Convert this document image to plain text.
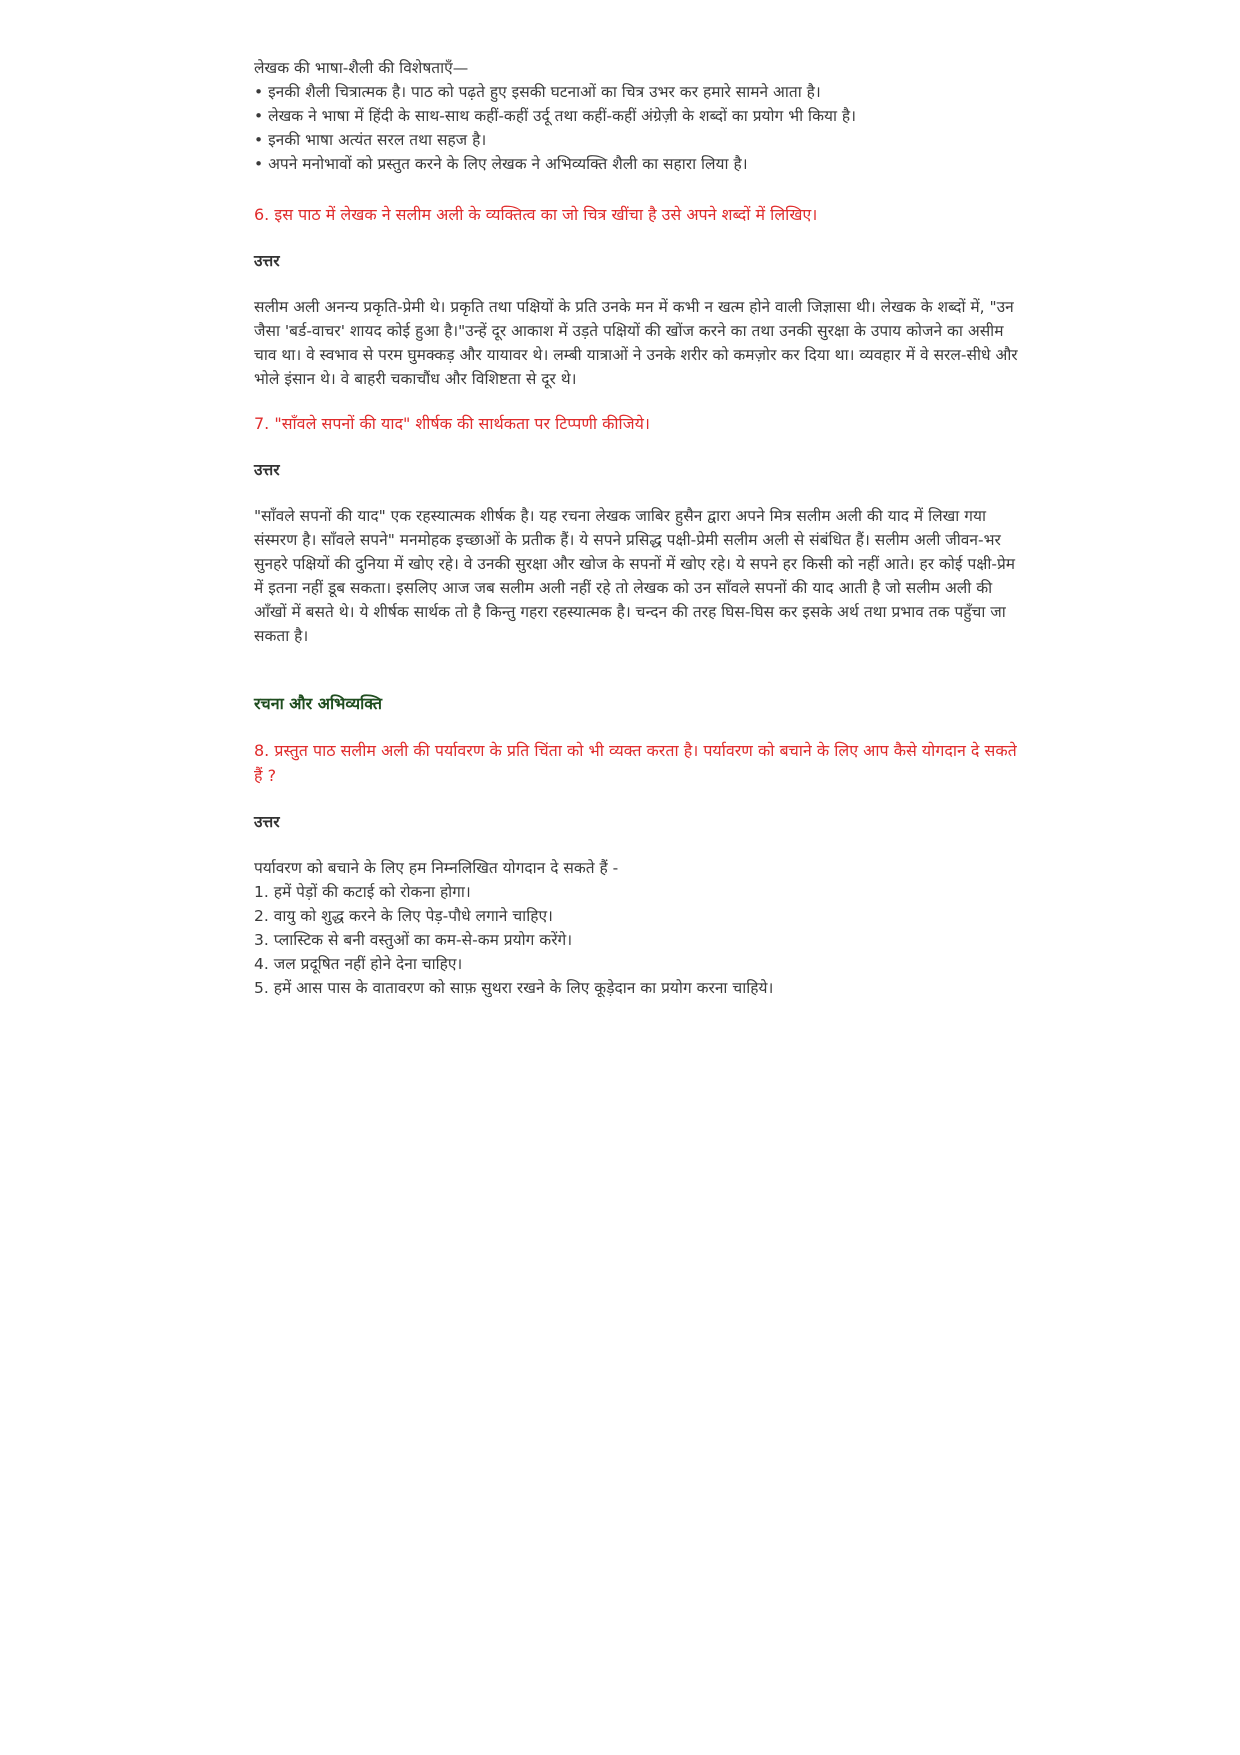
लेखक की भाषा-शैली की विशेषताएँ—

• इनकी शैली चित्रात्मक है। पाठ को पढ़ते हुए इसकी घटनाओं का चित्र उभर कर हमारे सामने आता है।
• लेखक ने भाषा में हिंदी के साथ-साथ कहीं-कहीं उर्दू तथा कहीं-कहीं अंग्रेज़ी के शब्दों का प्रयोग भी किया है।
• इनकी भाषा अत्यंत सरल तथा सहज है।
• अपने मनोभावों को प्रस्तुत करने के लिए लेखक ने अभिव्यक्ति शैली का सहारा लिया है।

6. इस पाठ में लेखक ने सलीम अली के व्यक्तित्व का जो चित्र खींचा है उसे अपने शब्दों में लिखिए।

उत्तर

सलीम अली अनन्य प्रकृति-प्रेमी थे। प्रकृति तथा पक्षियों के प्रति उनके मन में कभी न खत्म होने वाली जिज्ञासा थी। लेखक के शब्दों में, "उन जैसा 'बर्ड-वाचर' शायद कोई हुआ है।"उन्हें दूर आकाश में उड़ते पक्षियों की खोंज करने का तथा उनकी सुरक्षा के उपाय कोजने का असीम चाव था। वे स्वभाव से परम घुमक्कड़ और यायावर थे। लम्बी यात्राओं ने उनके शरीर को कमज़ोर कर दिया था। व्यवहार में वे सरल-सीधे और भोले इंसान थे। वे बाहरी चकाचौंध और विशिष्टता से दूर थे।

7. "साँवले सपनों की याद" शीर्षक की सार्थकता पर टिप्पणी कीजिये।

उत्तर

"साँवले सपनों की याद" एक रहस्यात्मक शीर्षक है। यह रचना लेखक जाबिर हुसैन द्वारा अपने मित्र सलीम अली की याद में लिखा गया संस्मरण है। साँवले सपने" मनमोहक इच्छाओं के प्रतीक हैं। ये सपने प्रसिद्ध पक्षी-प्रेमी सलीम अली से संबंधित हैं। सलीम अली जीवन-भर सुनहरे पक्षियों की दुनिया में खोए रहे। वे उनकी सुरक्षा और खोज के सपनों में खोए रहे। ये सपने हर किसी को नहीं आते। हर कोई पक्षी-प्रेम में इतना नहीं डूब सकता। इसलिए आज जब सलीम अली नहीं रहे तो लेखक को उन साँवले सपनों की याद आती है जो सलीम अली की आँखों में बसते थे। ये शीर्षक सार्थक तो है किन्तु गहरा रहस्यात्मक है। चन्दन की तरह घिस-घिस कर इसके अर्थ तथा प्रभाव तक पहुँचा जा सकता है।

रचना और अभिव्यक्ति

8. प्रस्तुत पाठ सलीम अली की पर्यावरण के प्रति चिंता को भी व्यक्त करता है। पर्यावरण को बचाने के लिए आप कैसे योगदान दे सकते हैं ?

उत्तर

पर्यावरण को बचाने के लिए हम निम्नलिखित योगदान दे सकते हैं -
1. हमें पेड़ों की कटाई को रोकना होगा।
2. वायु को शुद्ध करने के लिए पेड़-पौधे लगाने चाहिए।
3. प्लास्टिक से बनी वस्तुओं का कम-से-कम प्रयोग करेंगे।
4. जल प्रदूषित नहीं होने देना चाहिए।
5. हमें आस पास के वातावरण को साफ़ सुथरा रखने के लिए कूड़ेदान का प्रयोग करना चाहिये।
